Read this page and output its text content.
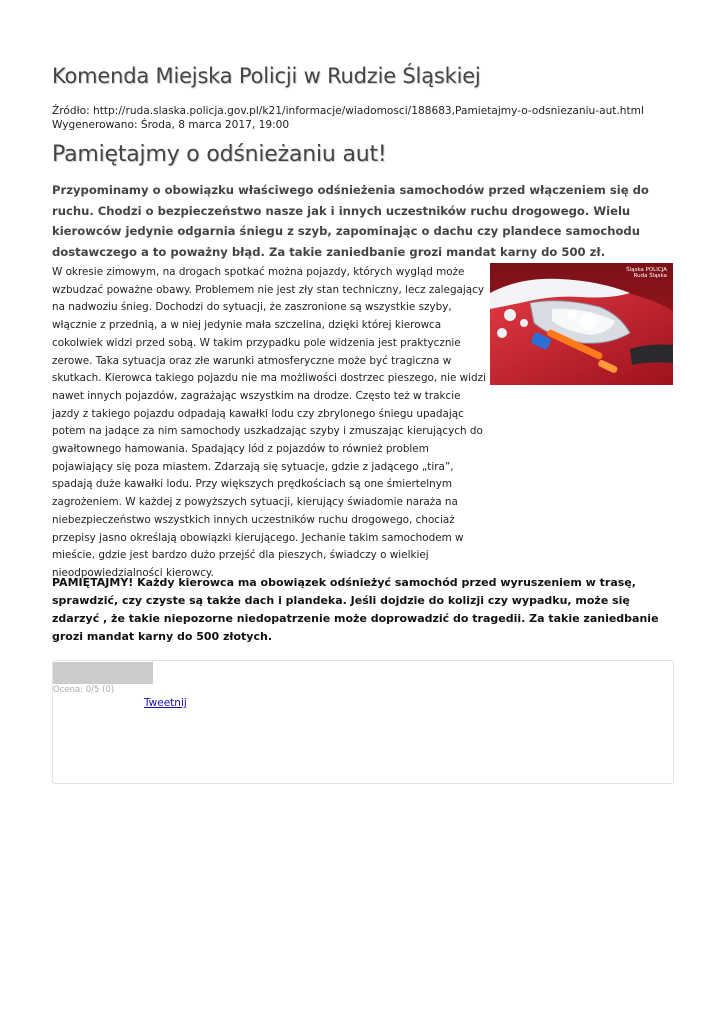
Komenda Miejska Policji w Rudzie Śląskiej
Źródło: http://ruda.slaska.policja.gov.pl/k21/informacje/wiadomosci/188683,Pamietajmy-o-odsniezaniu-aut.html
Wygenerowano: Środa, 8 marca 2017, 19:00
Pamiętajmy o odśnieżaniu aut!

Przypominamy o obowiązku właściwego odśnieżenia samochodów przed włączeniem się do ruchu. Chodzi o bezpieczeństwo nasze jak i innych uczestników ruchu drogowego. Wielu kierowców jedynie odgarnia śniegu z szyb, zapominając o dachu czy plandece samochodu dostawczego a to poważny błąd. Za takie zaniedbanie grozi mandat karny do 500 zł.

W okresie zimowym, na drogach spotkać można pojazdy, których wygląd może wzbudzać poważne obawy. Problemem nie jest zły stan techniczny, lecz zalegający na nadwoziu śnieg. Dochodzi do sytuacji, że zaszronione są wszystkie szyby, włącznie z przednią, a w niej jedynie mała szczelina, dzięki której kierowca cokolwiek widzi przed sobą. W takim przypadku pole widzenia jest praktycznie zerowe. Taka sytuacja oraz złe warunki atmosferyczne może być tragiczna w skutkach. Kierowca takiego pojazdu nie ma możliwości dostrzec pieszego, nie widzi nawet innych pojazdów, zagrażając wszystkim na drodze. Często też w trakcie jazdy z takiego pojazdu odpadają kawałki lodu czy zbrylonego śniegu upadając potem na jadące za nim samochody uszkadzając szyby i zmuszając kierujących do gwałtownego hamowania. Spadający lód z pojazdów to również problem pojawiający się poza miastem. Zdarzają się sytuacje, gdzie z jadącego „tira”, spadają duże kawałki lodu. Przy większych prędkościach są one śmiertelnym zagrożeniem. W każdej z powyższych sytuacji, kierujący świadomie naraża na niebezpieczeństwo wszystkich innych uczestników ruchu drogowego, chociaż przepisy jasno określają obowiązki kierującego. Jechanie takim samochodem w mieście, gdzie jest bardzo dużo przejść dla pieszych, świadczy o wielkiej nieodpowiedzialności kierowcy.

Śląska POLICJA
Ruda Śląska

PAMIĘTAJMY! Każdy kierowca ma obowiązek odśnieżyć samochód przed wyruszeniem w trasę, sprawdzić, czy czyste są także dach i plandeka. Jeśli dojdzie do kolizji czy wypadku, może się zdarzyć , że takie niepozorne niedopatrzenie może doprowadzić do tragedii. Za takie zaniedbanie grozi mandat karny do 500 złotych.

Ocena: 0/5 (0)
Tweetnij
